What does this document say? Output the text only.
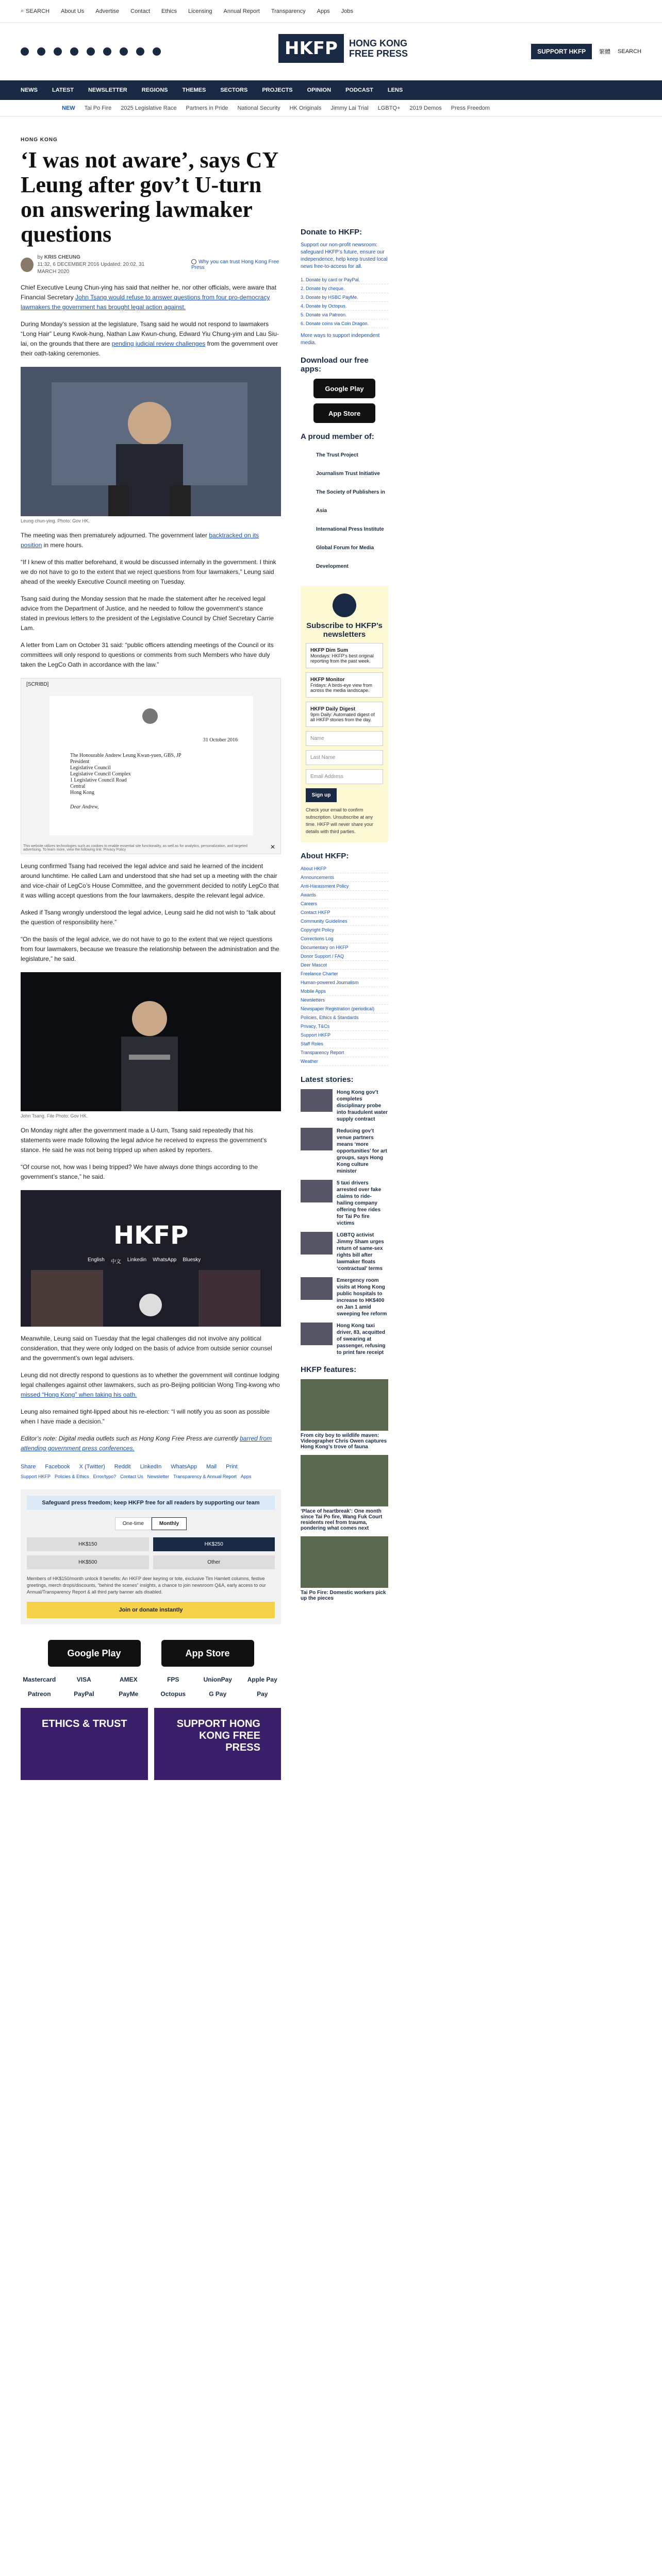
⌕ SEARCH About Us Advertise Contact Ethics Licensing Annual Report Transparency Apps Jobs
HKFP	HONG KONG
FREE PRESS	SUPPORT HKFP	繁體 SEARCH
NEWS	LATEST	NEWSLETTER	REGIONS	THEMES	SECTORS	PROJECTS	OPINION	PODCAST	LENS
NEW Tai Po Fire 2025 Legislative Race Partners in Pride National Security HK Originals Jimmy Lai Trial LGBTQ+ 2019 Demos Press Freedom
HONG KONG
‘I was not aware’, says CY Leung after gov’t U-turn on answering lawmaker questions
by KRIS CHEUNG
11:32, 6 DECEMBER 2016 Updated: 20:02, 31 MARCH 2020
Why you can trust Hong Kong Free Press

Chief Executive Leung Chun-ying has said that neither he, nor other officials, were aware that Financial Secretary John Tsang would refuse to answer questions from four pro-democracy lawmakers the government has brought legal action against.

During Monday’s session at the legislature, Tsang said he would not respond to lawmakers “Long Hair” Leung Kwok-hung, Nathan Law Kwun-chung, Edward Yiu Chung-yim and Lau Siu-lai, on the grounds that there are pending judicial review challenges from the government over their oath-taking ceremonies.

Leung chun-ying. Photo: Gov HK.

The meeting was then prematurely adjourned. The government later backtracked on its position in mere hours.

“If I knew of this matter beforehand, it would be discussed internally in the government. I think we do not have to go to the extent that we reject questions from four lawmakers,” Leung said ahead of the weekly Executive Council meeting on Tuesday.

Tsang said during the Monday session that he made the statement after he received legal advice from the Department of Justice, and he needed to follow the government’s stance stated in previous letters to the president of the Legislative Council by Chief Secretary Carrie Lam.

A letter from Lam on October 31 said: “public officers attending meetings of the Council or its committees will only respond to questions or comments from such Members who have duly taken the LegCo Oath in accordance with the law.”

[SCRIBD]
31 October 2016
The Honourable Andrew Leung Kwan-yuen, GBS, JP
President
Legislative Council
Legislative Council Complex
1 Legislative Council Road
Central
Hong Kong
Dear Andrew,
This website utilizes technologies such as cookies to enable essential site functionality, as well as for analytics, personalization, and targeted advertising. To learn more, view the following link: Privacy Policy	✕

Leung confirmed Tsang had received the legal advice and said he learned of the incident around lunchtime. He called Lam and understood that she had set up a meeting with the chair and vice-chair of LegCo’s House Committee, and the government decided to notify LegCo that it was willing accept questions from the four lawmakers, despite the relevant legal advice.

Asked if Tsang wrongly understood the legal advice, Leung said he did not wish to “talk about the question of responsibility here.”

“On the basis of the legal advice, we do not have to go to the extent that we reject questions from four lawmakers, because we treasure the relationship between the administration and the legislature,” he said.

John Tsang. File Photo: Gov HK.

On Monday night after the government made a U-turn, Tsang said repeatedly that his statements were made following the legal advice he received to express the government’s stance. He said he was not being tripped up when asked by reporters.

“Of course not, how was I being tripped? We have always done things according to the government’s stance,” he said.

HKFP
English 中文 Linkedin WhatsApp Bluesky

Meanwhile, Leung said on Tuesday that the legal challenges did not involve any political consideration, that they were only lodged on the basis of advice from outside senior counsel and the government’s own legal advisers.

Leung did not directly respond to questions as to whether the government will continue lodging legal challenges against other lawmakers, such as pro-Beijing politician Wong Ting-kwong who missed “Hong Kong” when taking his oath.

Leung also remained tight-lipped about his re-election: “I will notify you as soon as possible when I have made a decision.”

Editor’s note: Digital media outlets such as Hong Kong Free Press are currently barred from attending government press conferences.

Share Facebook X (Twitter) Reddit LinkedIn WhatsApp Mail Print
Support HKFP Policies & Ethics Error/typo? Contact Us Newsletter Transparency & Annual Report Apps
Safeguard press freedom; keep HKFP free for all readers by supporting our team
One-time	Monthly
HK$150	HK$250
HK$500	Other
Members of HK$150/month unlock 8 benefits: An HKFP deer keyring or tote, exclusive Tim Hamlett columns, festive greetings, merch drops/discounts, “behind the scenes” insights, a chance to join newsroom Q&A, early access to our Annual/Transparency Report & all third party banner ads disabled.
Join or donate instantly
Google Play	App Store
Mastercard	VISA	AMEX	FPS	UnionPay	Apple Pay
Patreon	PayPal	PayMe	Octopus	G Pay	Pay
ETHICS & TRUST	SUPPORT HONG KONG FREE PRESS
Donate to HKFP:
Support our non-profit newsroom: safeguard HKFP’s future, ensure our independence, help keep trusted local news free-to-access for all.
1. Donate by card or PayPal.
2. Donate by cheque.
3. Donate by HSBC PayMe.
4. Donate by Octopus.
5. Donate via Patreon.
6. Donate coins via Coin Dragon.
More ways to support independent media.
Download our free apps:
Google Play
App Store
A proud member of:
The Trust Project
Journalism Trust Initiative
The Society of Publishers in Asia
International Press Institute
Global Forum for Media Development
Subscribe to HKFP’s newsletters
HKFP Dim Sum
Mondays: HKFP’s best original reporting from the past week.
HKFP Monitor
Fridays: A birds-eye view from across the media landscape.
HKFP Daily Digest
9pm Daily: Automated digest of all HKFP stories from the day.
Name
Last Name
Email Address
Sign up
Check your email to confirm subscription. Unsubscribe at any time. HKFP will never share your details with third parties.
About HKFP:
About HKFP
Announcements
Anti-Harassment Policy
Awards
Careers
Contact HKFP
Community Guidelines
Copyright Policy
Corrections Log
Documentary on HKFP
Donor Support / FAQ
Deer Mascot
Freelance Charter
Human-powered Journalism
Mobile Apps
Newsletters
Newspaper Registration (periodical)
Policies, Ethics & Standards
Privacy, T&Cs
Support HKFP
Staff Roles
Transparency Report
Weather
Latest stories:
Hong Kong gov’t completes disciplinary probe into fraudulent water supply contract
Reducing gov’t venue partners means ‘more opportunities’ for art groups, says Hong Kong culture minister
5 taxi drivers arrested over fake claims to ride-hailing company offering free rides for Tai Po fire victims
LGBTQ activist Jimmy Sham urges return of same-sex rights bill after lawmaker floats ‘contractual’ terms
Emergency room visits at Hong Kong public hospitals to increase to HK$400 on Jan 1 amid sweeping fee reform
Hong Kong taxi driver, 83, acquitted of swearing at passenger, refusing to print fare receipt
HKFP features:
From city boy to wildlife maven: Videographer Chris Owen captures Hong Kong’s trove of fauna
‘Place of heartbreak’: One month since Tai Po fire, Wang Fuk Court residents reel from trauma, pondering what comes next
Tai Po Fire: Domestic workers pick up the pieces
